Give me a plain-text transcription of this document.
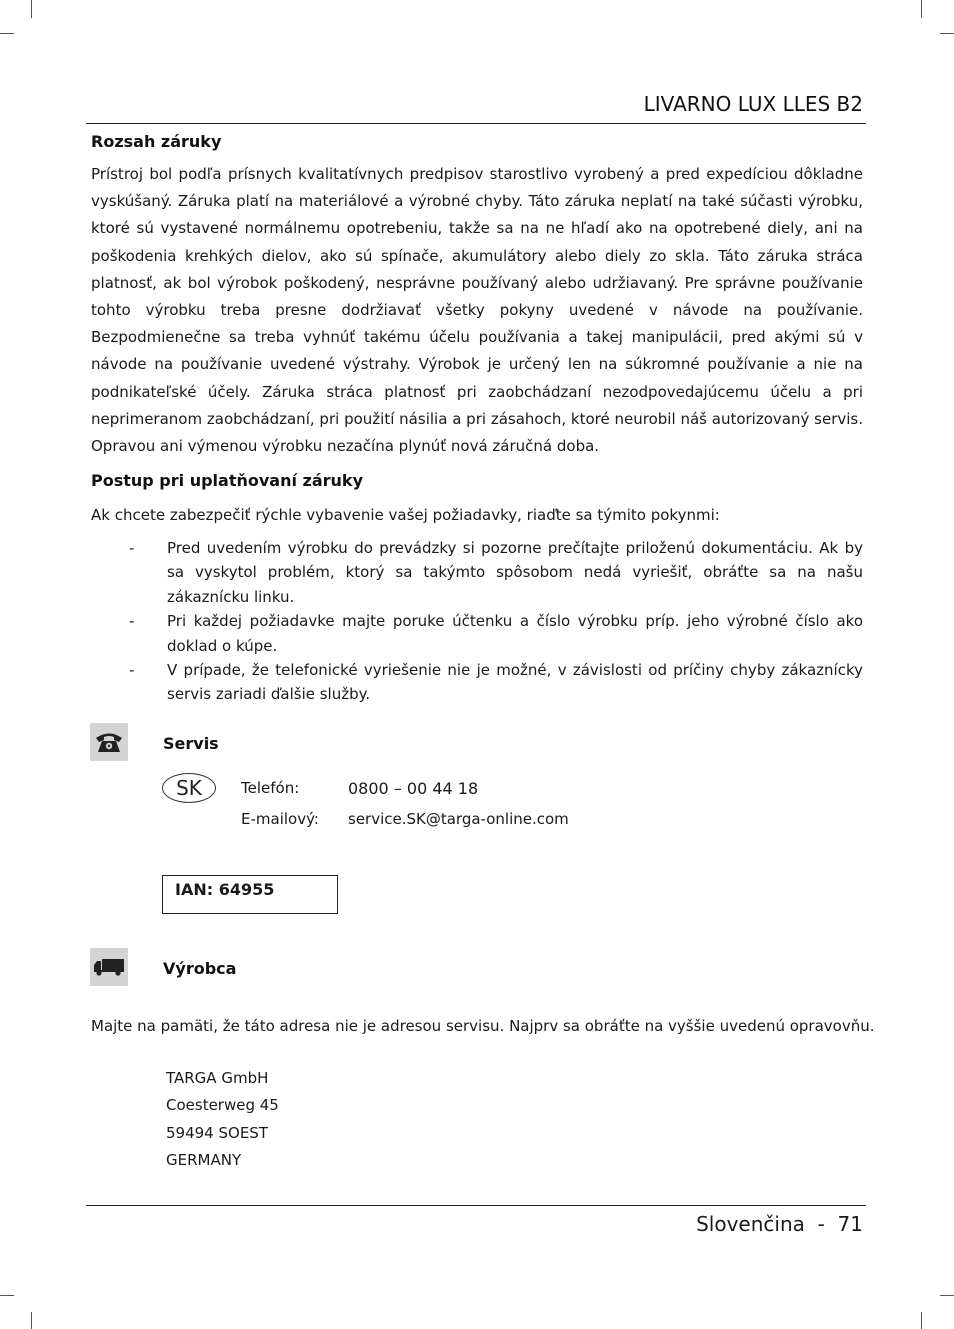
LIVARNO LUX LLES B2
Rozsah záruky
Prístroj bol podľa prísnych kvalitatívnych predpisov starostlivo vyrobený a pred expedíciou dôkladne vyskúšaný. Záruka platí na materiálové a výrobné chyby. Táto záruka neplatí na také súčasti výrobku, ktoré sú vystavené normálnemu opotrebeniu, takže sa na ne hľadí ako na opotrebené diely, ani na poškodenia krehkých dielov, ako sú spínače, akumulátory alebo diely zo skla. Táto záruka stráca platnosť, ak bol výrobok poškodený, nesprávne používaný alebo udržiavaný. Pre správne používanie tohto výrobku treba presne dodržiavať všetky pokyny uvedené v návode na používanie. Bezpodmienečne sa treba vyhnúť takému účelu používania a takej manipulácii, pred akými sú v návode na používanie uvedené výstrahy. Výrobok je určený len na súkromné používanie a nie na podnikateľské účely. Záruka stráca platnosť pri zaobchádzaní nezodpovedajúcemu účelu a pri neprimeranom zaobchádzaní, pri použití násilia a pri zásahoch, ktoré neurobil náš autorizovaný servis. Opravou ani výmenou výrobku nezačína plynúť nová záručná doba.
Postup pri uplatňovaní záruky
Ak chcete zabezpečiť rýchle vybavenie vašej požiadavky, riaďte sa týmito pokynmi:
- Pred uvedením výrobku do prevádzky si pozorne prečítajte priloženú dokumentáciu. Ak by sa vyskytol problém, ktorý sa takýmto spôsobom nedá vyriešiť, obráťte sa na našu zákaznícku linku.
- Pri každej požiadavke majte poruke účtenku a číslo výrobku príp. jeho výrobné číslo ako doklad o kúpe.
- V prípade, že telefonické vyriešenie nie je možné, v závislosti od príčiny chyby zákaznícky servis zariadi ďalšie služby.
Servis
SK	Telefón:	0800 – 00 44 18
E-mailový: service.SK@targa-online.com
IAN: 64955
Výrobca
Majte na pamäti, že táto adresa nie je adresou servisu. Najprv sa obráťte na vyššie uvedenú opravovňu.
TARGA GmbH
Coesterweg 45
59494 SOEST
GERMANY
Slovenčina  -  71
